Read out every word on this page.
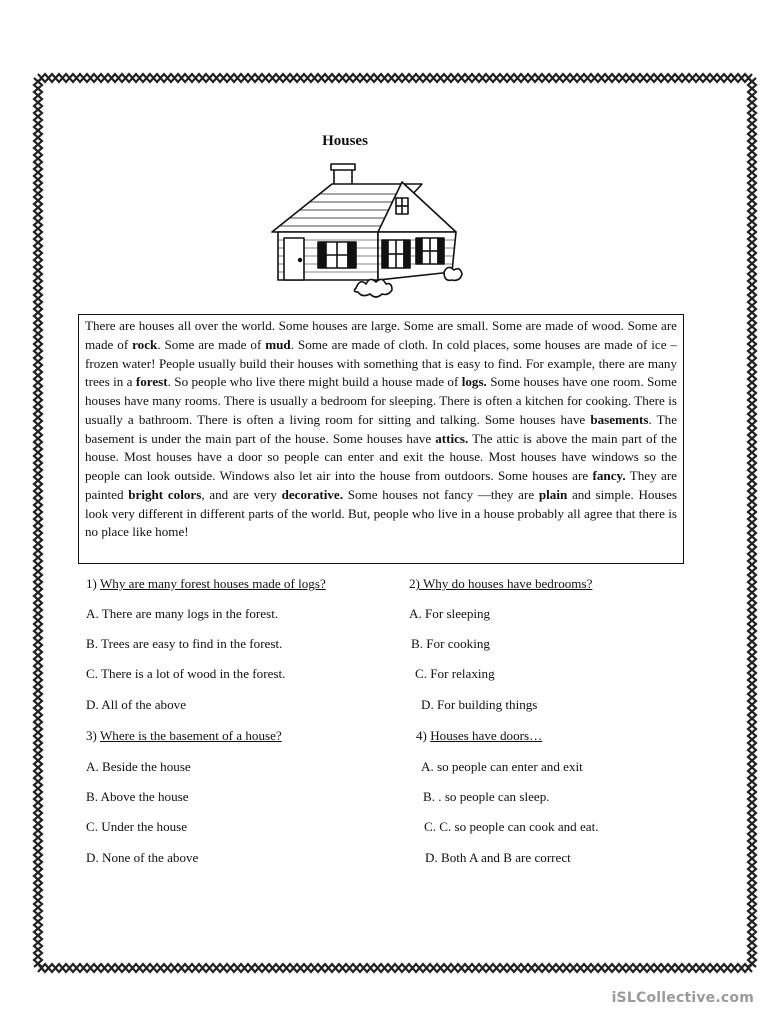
Houses
There are houses all over the world. Some houses are large. Some are small. Some are made of wood. Some are made of rock. Some are made of mud. Some are made of cloth. In cold places, some houses are made of ice – frozen water! People usually build their houses with something that is easy to find. For example, there are many trees in a forest. So people who live there might build a house made of logs. Some houses have one room. Some houses have many rooms. There is usually a bedroom for sleeping. There is often a kitchen for cooking. There is usually a bathroom. There is often a living room for sitting and talking. Some houses have basements. The basement is under the main part of the house. Some houses have attics. The attic is above the main part of the house. Most houses have a door so people can enter and exit the house. Most houses have windows so the people can look outside. Windows also let air into the house from outdoors. Some houses are fancy. They are painted bright colors, and are very decorative. Some houses not fancy —they are plain and simple. Houses look very different in different parts of the world. But, people who live in a house probably all agree that there is no place like home!
1) Why are many forest houses made of logs?
A. There are many logs in the forest.
B. Trees are easy to find in the forest.
C. There is a lot of wood in the forest.
D. All of the above
2) Why do houses have bedrooms?
A. For sleeping
B. For cooking
C. For relaxing
D. For building things
3) Where is the basement of a house?
A. Beside the house
B. Above the house
C. Under the house
D. None of the above
4) Houses have doors…
A. so people can enter and exit
B. . so people can sleep.
C. C. so people can cook and eat.
D. Both A and B are correct
iSLCollective.com
